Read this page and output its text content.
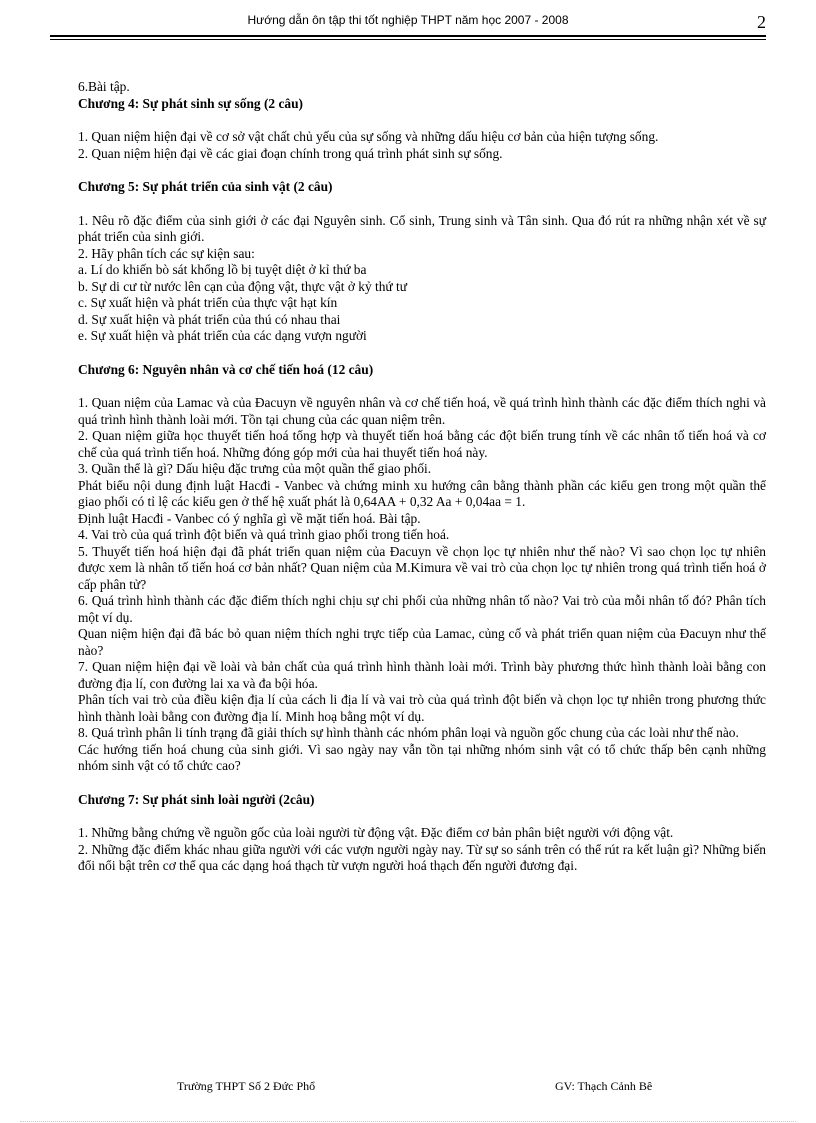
Hướng dẫn ôn tập thi tốt nghiệp THPT năm học 2007 - 2008	2

6.Bài tập.

Chương 4: Sự phát sinh sự sống (2 câu)

1. Quan niệm hiện đại về cơ sở vật chất chủ yếu của sự sống và những dấu hiệu cơ bản của hiện tượng sống.

2. Quan niệm hiện đại về các giai đoạn chính trong quá trình phát sinh sự sống.

Chương 5: Sự phát triển của sinh vật (2 câu)

1. Nêu rõ đặc điểm của sinh giới ở các đại Nguyên sinh. Cổ sinh, Trung sinh và Tân sinh. Qua đó rút ra những nhận xét về sự phát triển của sinh giới.

2. Hãy phân tích các sự kiện sau:

a. Lí do khiến bò sát khổng lồ bị tuyệt diệt ở kỉ thứ ba

b. Sự di cư từ nước lên cạn của động vật, thực vật ở kỷ thứ tư

c. Sự xuất hiện và phát triển của thực vật hạt kín

d. Sự xuất hiện và phát triển của thú có nhau thai

e. Sự xuất hiện và phát triển của các dạng vượn người

Chương 6: Nguyên nhân và cơ chế tiến hoá (12 câu)

1. Quan niệm của Lamac và của Đacuyn về nguyên nhân và cơ chế tiến hoá, về quá trình hình thành các đặc điểm thích nghi và quá trình hình thành loài mới. Tồn tại chung của các quan niệm trên.

2. Quan niệm giữa học thuyết tiến hoá tổng hợp và thuyết tiến hoá bằng các đột biến trung tính về các nhân tố tiến hoá và cơ chế của quá trình tiến hoá. Những đóng góp mới của hai thuyết tiến hoá này.

3. Quần thể là gì? Dấu hiệu đặc trưng của một quần thể giao phối.

Phát biểu nội dung định luật Hacđi - Vanbec và chứng minh xu hướng cân bằng thành phần các kiểu gen trong một quần thể giao phối có tỉ lệ các kiểu gen ở thế hệ xuất phát là 0,64AA + 0,32 Aa + 0,04aa = 1.

Định luật Hacđi - Vanbec có ý nghĩa gì về mặt tiến hoá. Bài tập.

4. Vai trò của quá trình đột biến và quá trình giao phối trong tiến hoá.

5. Thuyết tiến hoá hiện đại đã phát triển quan niệm của Đacuyn về chọn lọc tự nhiên như thế nào? Vì sao chọn lọc tự nhiên được xem là nhân tố tiến hoá cơ bản nhất? Quan niệm của M.Kimura về vai trò của chọn lọc tự nhiên trong quá trình tiến hoá ở cấp phân tử?

6. Quá trình hình thành các đặc điểm thích nghi chịu sự chi phối của những nhân tố nào? Vai trò của mỗi nhân tố đó? Phân tích một ví dụ.

Quan niệm hiện đại đã bác bỏ quan niệm thích nghi trực tiếp của Lamac, củng cố và phát triển quan niệm của Đacuyn như thế nào?

7. Quan niệm hiện đại về loài và bản chất của quá trình hình thành loài mới. Trình bày phương thức hình thành loài bằng con đường địa lí, con đường lai xa và đa bội hóa.

Phân tích vai trò của điều kiện địa lí của cách li địa lí và vai trò của quá trình đột biến và chọn lọc tự nhiên trong phương thức hình thành loài bằng con đường địa lí. Minh hoạ bằng một ví dụ.

8. Quá trình phân li tính trạng đã giải thích sự hình thành các nhóm phân loại và nguồn gốc chung của các loài như thế nào.

Các hướng tiến hoá chung của sinh giới. Vì sao ngày nay vẫn tồn tại những nhóm sinh vật có tổ chức thấp bên cạnh những nhóm sinh vật có tổ chức cao?

Chương 7: Sự phát sinh loài người (2câu)

1. Những bằng chứng về nguồn gốc của loài người từ động vật. Đặc điểm cơ bản phân biệt người với động vật.

2. Những đặc điểm khác nhau giữa người với các vượn người ngày nay. Từ sự so sánh trên có thể rút ra kết luận gì? Những biến đổi nổi bật trên cơ thể qua các dạng hoá thạch từ vượn người hoá thạch đến người đương đại.

Trường THPT Số 2 Đức Phổ	GV: Thạch Cảnh Bê
